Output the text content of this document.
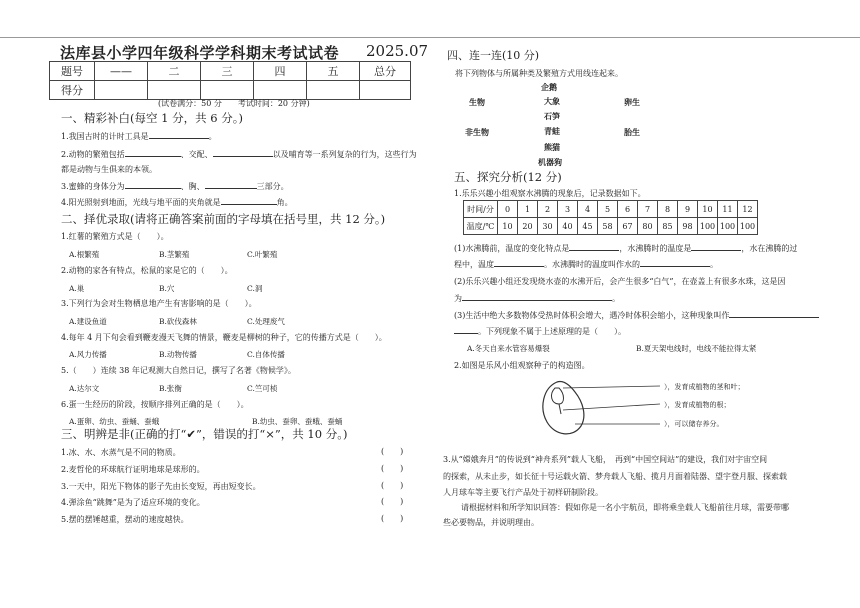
法库县小学四年级科学学科期末考试试卷 2025.07
题号	——	二	三	四	五	总分
得分						
(试卷满分：50 分　　考试时间：20 分钟)
一、精彩补白(每空 1 分，共 6 分。)
1.我国古时的计时工具是	。
2.动物的繁殖包括	、交配、	以及哺育等一系列复杂的行为，这些行为
都是动物与生俱来的本领。
3.蜜蜂的身体分为	、胸、	三部分。
4.阳光照射到地面，光线与地平面的夹角就是	角。
二、择优录取(请将正确答案前面的字母填在括号里，共 12 分。)
1.红薯的繁殖方式是（　　）。
A.根繁殖	B.茎繁殖	C.叶繁殖
2.动物的家各有特点，松鼠的家是它的（　　）。
A.巢	B.穴	C.洞
3.下列行为会对生物栖息地产生有害影响的是（　　）。
A.建设鱼道	B.砍伐森林	C.处理废气
4.每年 4 月下旬会看到鞭麦漫天飞舞的情景，鞭麦是柳树的种子，它的传播方式是（　　）。
A.风力传播	B.动物传播	C.自体传播
5.（　　）连续 38 年记观测大自然日记，撰写了名著《物候学》。
A.达尔文	B.张衡	C.竺可桢
6.蛋一生经历的阶段，按顺序排列正确的是（　　）。
A.蛋卵、幼虫、蚕蛹、蚕蛾	B.幼虫、蚕卵、蚕蛾、蚕蛹
三、明辨是非(正确的打“✔”，错误的打“×”，共 10 分。)
1.冰、水、水蒸气是不同的物质。	(　　)
2.麦哲伦的环球航行证明地球是球形的。	(　　)
3.一天中，阳光下物体的影子先由长变短，再由短变长。	(　　)
4.弹涂鱼“跳舞”是为了适应环境的变化。	(　　)
5.摆的摆锤越重，摆动的速度越快。	(　　)
四、连一连(10 分)
将下列物体与所属种类及繁殖方式用线连起来。
企鹅
大象
石笋
青蛙
熊猫
机器狗
生物
非生物
卵生
胎生
五、探究分析(12 分)
1.乐乐兴趣小组观察水沸腾的现象后，记录数据如下。
时间/分	0	1	2	3	4	5	6	7	8	9	10	11	12
温度/℃	10	20	30	40	45	58	67	80	85	98	100	100	100
(1)水沸腾前，温度的变化特点是	，水沸腾时的温度是	，水在沸腾的过
程中，温度	。水沸腾时的温度叫作水的	。
(2)乐乐兴趣小组还发现烧水壶的水沸开后，会产生很多“白气”，在壶盖上有很多水珠，这是因
为	。
(3)生活中绝大多数物体受热时体积会增大，遇冷时体积会缩小，这种现象叫作
。下列现象不属于上述原理的是（　　）。
A.冬天自来水管容易爆裂	B.夏天架电线时，电线不能拉得太紧
2.如图是乐风小组观察种子的构造图。
），发育成植物的茎和叶；
），发育成植物的根；
），可以储存养分。
3.从“嫦娥奔月”的传说到“神舟系列”载人飞船，　再到“中国空间站”的建设，我们对宇宙空间
的探索，从未止步，如长征十号运载火箭、梦舟载人飞船、揽月月面着陆器、望宇登月服、探索载
人月球车等主要飞行产品处于初样研制阶段。
请根据材料和所学知识回答：假如你是一名小宇航员，即将乘坐载人飞船前往月球，需要带哪
些必要物品，并说明理由。
